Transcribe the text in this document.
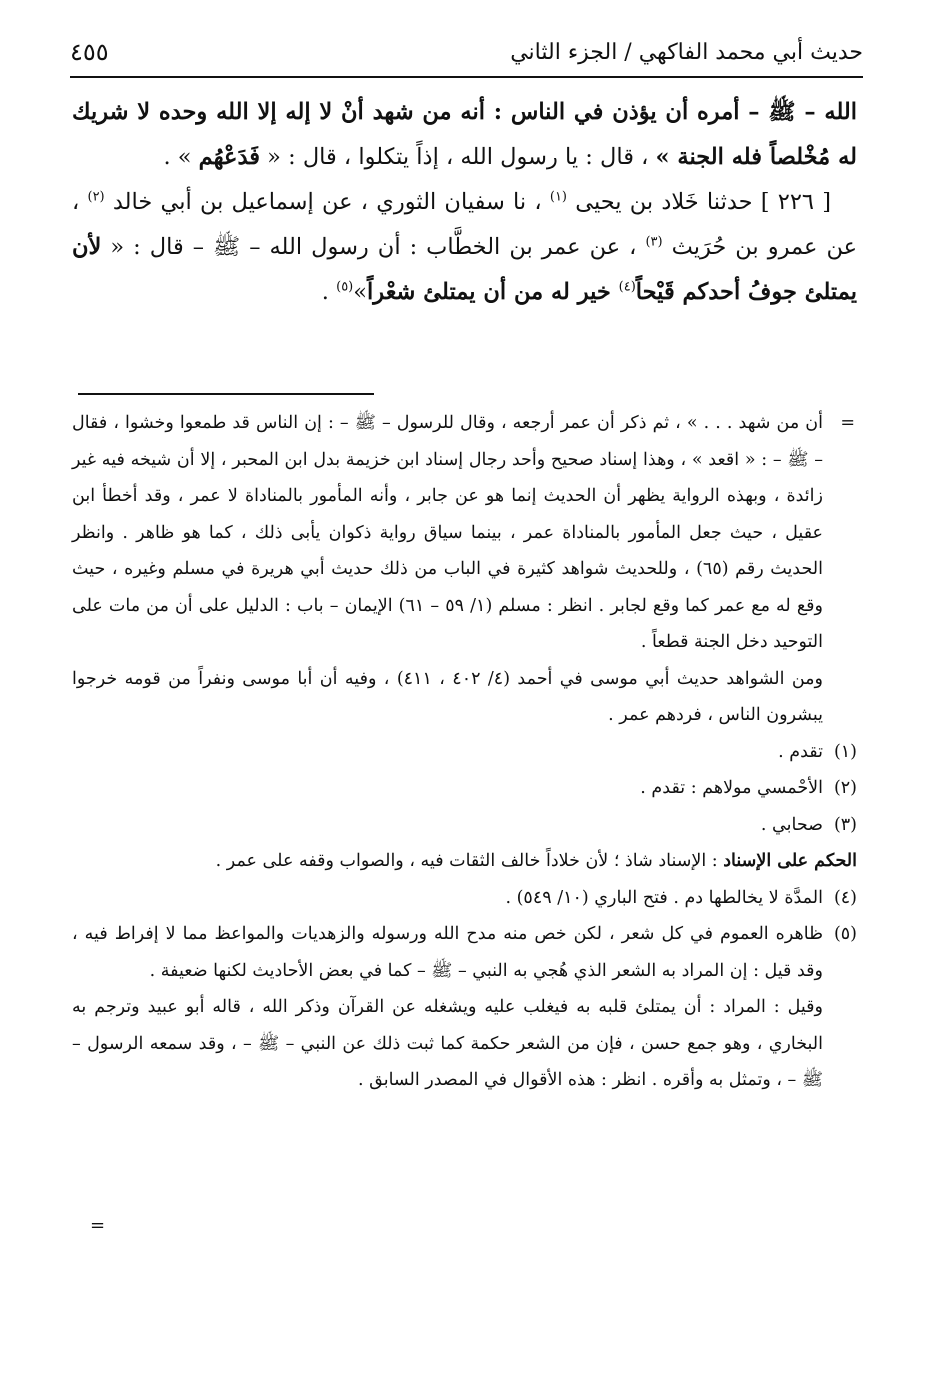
حديث أبي محمد الفاكهي / الجزء الثاني
٤٥٥

الله – ﷺ – أمره أن يؤذن في الناس : أنه من شهد أنْ لا إله إلا الله وحده لا شريك له مُخْلصاً فله الجنة » ، قال : يا رسول الله ، إذاً يتكلوا ، قال : « فَدَعْهُم » .

[ ٢٢٦ ] حدثنا خَلاد بن يحيى $^{(١)}$ ، نا سفيان الثوري ، عن إسماعيل بن أبي خالد $^{(٢)}$ ، عن عمرو بن حُرَيث $^{(٣)}$ ، عن عمر بن الخطَّاب : أن رسول الله – ﷺ – قال : « لأن يمتلئ جوفُ أحدكم قَيْحاً$^{(٤)}$ خير له من أن يمتلئ شعْراً»$^{(٥)}$ .

=
أن من شهد . . . » ، ثم ذكر أن عمر أرجعه ، وقال للرسول – ﷺ – : إن الناس قد طمعوا وخشوا ، فقال – ﷺ – : « اقعد » ، وهذا إسناد صحيح وأحد رجال إسناد ابن خزيمة بدل ابن المحبر ، إلا أن شيخه فيه غير زائدة ، وبهذه الرواية يظهر أن الحديث إنما هو عن جابر ، وأنه المأمور بالمناداة لا عمر ، وقد أخطأ ابن عقيل ، حيث جعل المأمور بالمناداة عمر ، بينما سياق رواية ذكوان يأبى ذلك ، كما هو ظاهر . وانظر الحديث رقم (٦٥) ، وللحديث شواهد كثيرة في الباب من ذلك حديث أبي هريرة في مسلم وغيره ، حيث وقع له مع عمر كما وقع لجابر . انظر : مسلم (١/ ٥٩ – ٦١) الإيمان – باب : الدليل على أن من مات على التوحيد دخل الجنة قطعاً .

ومن الشواهد حديث أبي موسى في أحمد (٤/ ٤٠٢ ، ٤١١) ، وفيه أن أبا موسى ونفراً من قومه خرجوا يبشرون الناس ، فردهم عمر .

(١)
تقدم .

(٢)
الأحْمسي مولاهم : تقدم .

(٣)
صحابي .

الحكم على الإسناد : الإسناد شاذ ؛ لأن خلاداً خالف الثقات فيه ، والصواب وقفه على عمر .

(٤)
المدَّة لا يخالطها دم . فتح الباري (١٠/ ٥٤٩) .

(٥)
ظاهره العموم في كل شعر ، لكن خص منه مدح الله ورسوله والزهديات والمواعظ مما لا إفراط فيه ، وقد قيل : إن المراد به الشعر الذي هُجي به النبي – ﷺ – كما في بعض الأحاديث لكنها ضعيفة .

وقيل : المراد : أن يمتلئ قلبه به فيغلب عليه ويشغله عن القرآن وذكر الله ، قاله أبو عبيد وترجم به البخاري ، وهو جمع حسن ، فإن من الشعر حكمة كما ثبت ذلك عن النبي – ﷺ – ، وقد سمعه الرسول – ﷺ – ، وتمثل به وأقره . انظر : هذه الأقوال في المصدر السابق .

=
